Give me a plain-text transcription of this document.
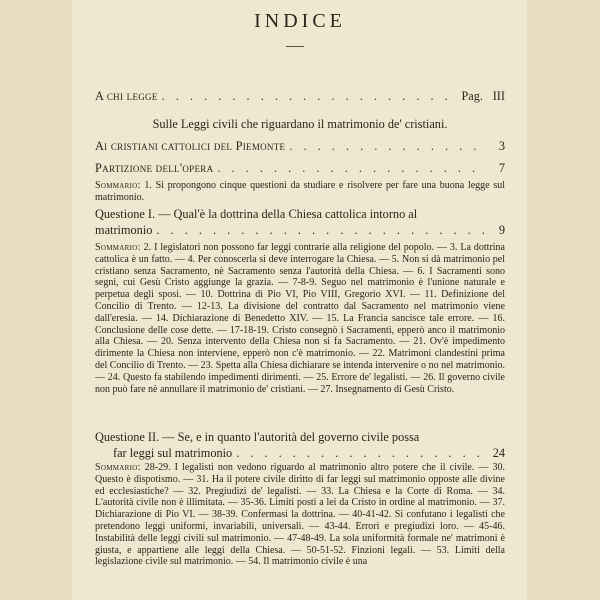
INDICE
A chi legge . . .	Pag. III
Sulle Leggi civili che riguardano il matrimonio de' cristiani.
Ai cristiani cattolici del Piemonte . . .	3
Partizione dell'opera . . .	7

Sommario: 1. Si propongono cinque questioni da studiare e risolvere per fare una buona legge sul matrimonio.

Questione I. — Qual'è la dottrina della Chiesa cattolica intorno al
matrimonio . . .	9

Sommario: 2. I legislatori non possono far leggi contrarie alla religione del popolo. — 3. La dottrina cattolica è un fatto. — 4. Per conoscerla si deve interrogare la Chiesa. — 5. Non si dà matrimonio pel cristiano senza Sacramento, nè Sacramento senza l'autorità della Chiesa. — 6. I Sacramenti sono segni, cui Gesù Cristo aggiunge la grazia. — 7-8-9. Seguo nel matrimonio è l'unione naturale e perpetua degli sposi. — 10. Dottrina di Pio VI, Pio VIII, Gregorio XVI. — 11. Definizione del Concilio di Trento. — 12-13. La divisione del contratto dal Sacramento nel matrimonio viene dall'eresia. — 14. Dichiarazione di Benedetto XIV. — 15. La Francia sancisce tale errore. — 16. Conclusione delle cose dette. — 17-18-19. Cristo consegnò i Sacramenti, epperò anco il matrimonio alla Chiesa. — 20. Senza intervento della Chiesa non si fa Sacramento. — 21. Ov'è impedimento dirimente la Chiesa non interviene, epperò non c'è matrimonio. — 22. Matrimoni clandestini prima del Concilio di Trento. — 23. Spetta alla Chiesa dichiarare se intenda intervenire o no nel matrimonio. — 24. Questo fa stabilendo impedimenti dirimenti. — 25. Errore de' legalisti. — 26. Il governo civile non può fare nè annullare il matrimonio de' cristiani. — 27. Insegnamento di Gesù Cristo.

Questione II. — Se, e in quanto l'autorità del governo civile possa
far leggi sul matrimonio . . .	24

Sommario: 28-29. I legalisti non vedono riguardo al matrimonio altro potere che il civile. — 30. Questo è dispotismo. — 31. Ha il potere civile diritto di far leggi sul matrimonio opposte alle divine ed ecclesiastiche? — 32. Pregiudizi de' legalisti. — 33. La Chiesa e la Corte di Roma. — 34. L'autorità civile non è illimitata. — 35-36. Limiti posti a lei da Cristo in ordine al matrimonio. — 37. Dichiarazione di Pio VI. — 38-39. Confermasi la dottrina. — 40-41-42. Si confutano i legalisti che pretendono leggi uniformi, invariabili, universali. — 43-44. Errori e pregiudizi loro. — 45-46. Instabilità delle leggi civili sul matrimonio. — 47-48-49. La sola uniformità formale ne' matrimoni è giusta, e appartiene alle leggi della Chiesa. — 50-51-52. Finzioni legali. — 53. Limiti della legislazione civile sul matrimonio. — 54. Il matrimonio civile è una
